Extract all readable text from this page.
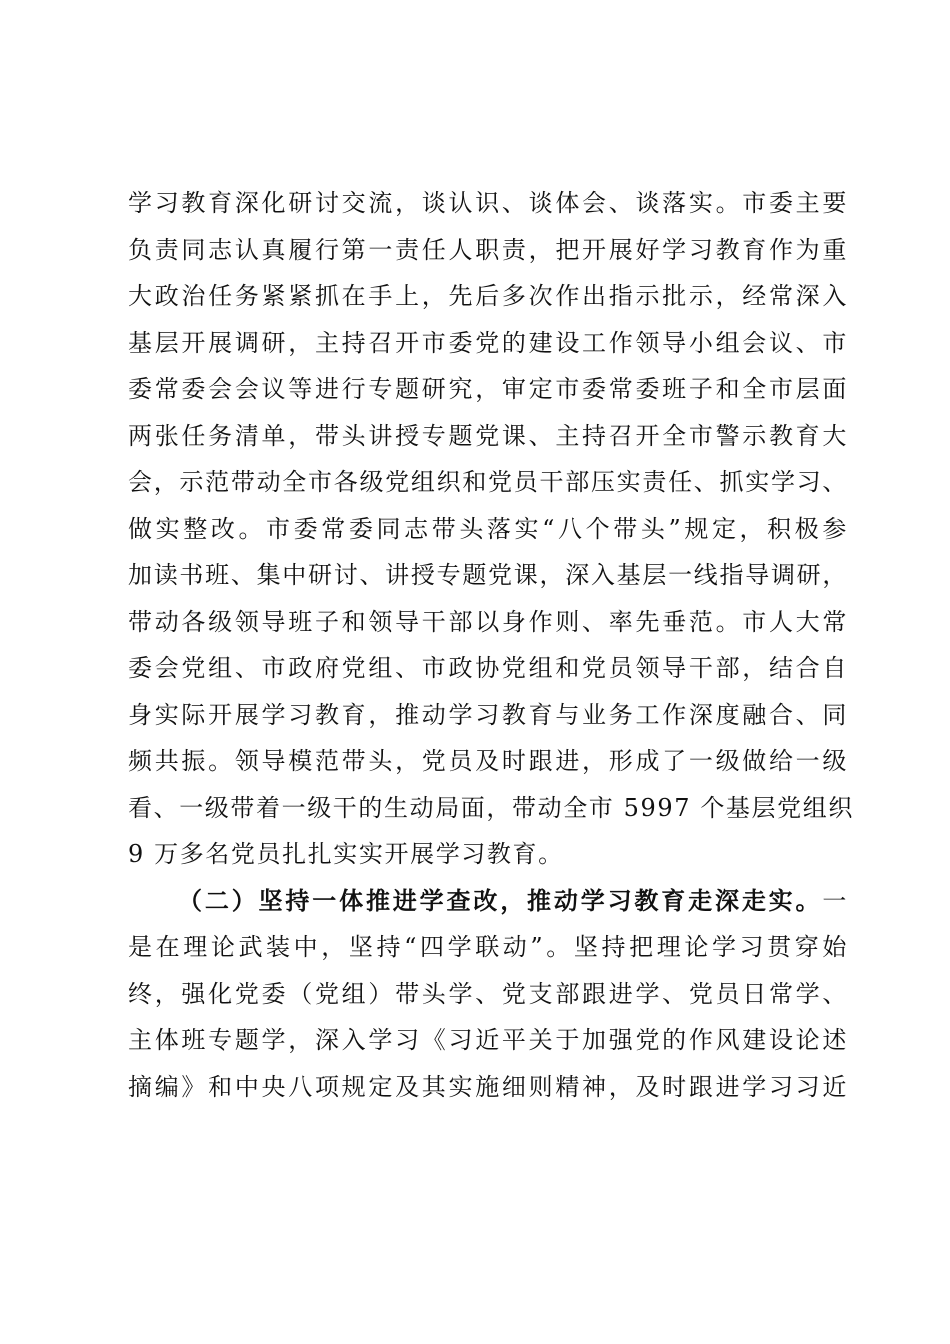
学习教育深化研讨交流，谈认识、谈体会、谈落实。市委主要
负责同志认真履行第一责任人职责，把开展好学习教育作为重
大政治任务紧紧抓在手上，先后多次作出指示批示，经常深入
基层开展调研，主持召开市委党的建设工作领导小组会议、市
委常委会会议等进行专题研究，审定市委常委班子和全市层面
两张任务清单，带头讲授专题党课、主持召开全市警示教育大
会，示范带动全市各级党组织和党员干部压实责任、抓实学习、
做实整改。市委常委同志带头落实“八个带头”规定，积极参
加读书班、集中研讨、讲授专题党课，深入基层一线指导调研，
带动各级领导班子和领导干部以身作则、率先垂范。市人大常
委会党组、市政府党组、市政协党组和党员领导干部，结合自
身实际开展学习教育，推动学习教育与业务工作深度融合、同
频共振。领导模范带头，党员及时跟进，形成了一级做给一级
看、一级带着一级干的生动局面，带动全市 5997 个基层党组织
9 万多名党员扎扎实实开展学习教育。
（二）坚持一体推进学查改，推动学习教育走深走实。一
是在理论武装中，坚持“四学联动”。坚持把理论学习贯穿始
终，强化党委（党组）带头学、党支部跟进学、党员日常学、
主体班专题学，深入学习《习近平关于加强党的作风建设论述
摘编》和中央八项规定及其实施细则精神，及时跟进学习习近
